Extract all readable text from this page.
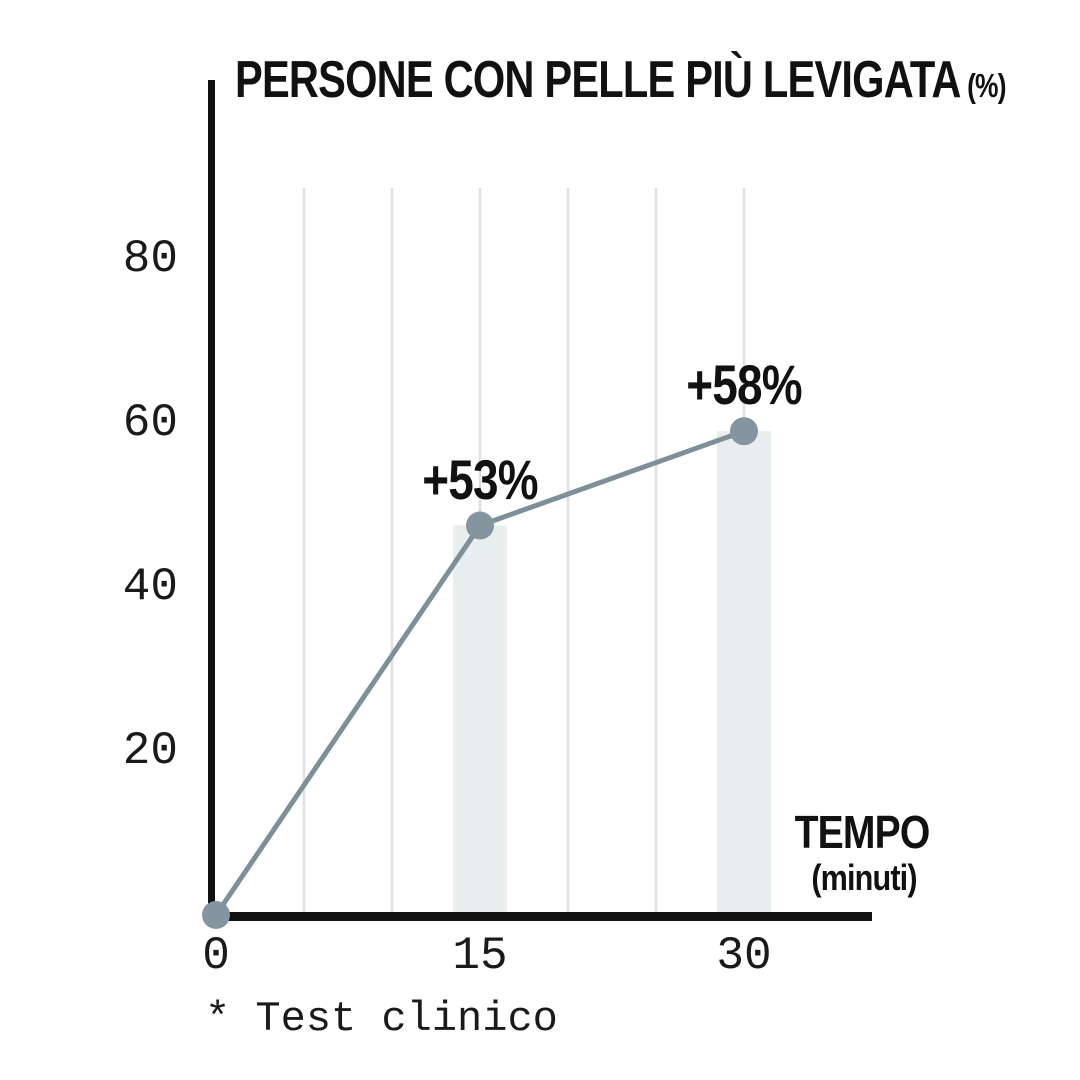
PERSONE CON PELLE PIÙ LEVIGATA (%)
20
40
60
80
0	15	30
+53%
+58%
TEMPO
(minuti)
* Test clinico
